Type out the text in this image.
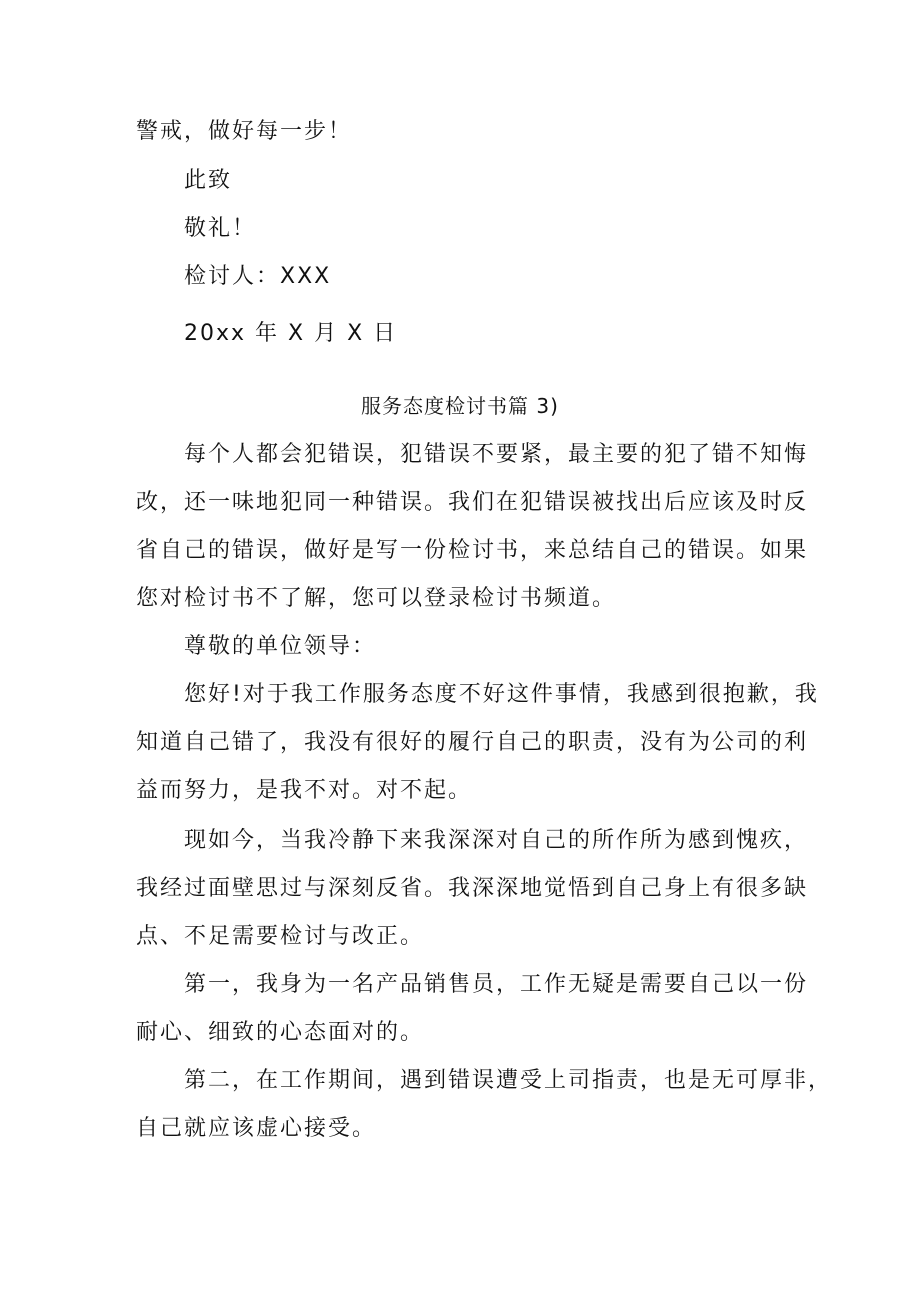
警戒，做好每一步！
此致
敬礼！
检讨人：XXX
20xx 年 X 月 X 日
服务态度检讨书篇 3)
每个人都会犯错误，犯错误不要紧，最主要的犯了错不知悔
改，还一味地犯同一种错误。我们在犯错误被找出后应该及时反
省自己的错误，做好是写一份检讨书，来总结自己的错误。如果
您对检讨书不了解，您可以登录检讨书频道。
尊敬的单位领导：
您好!对于我工作服务态度不好这件事情，我感到很抱歉，我
知道自己错了，我没有很好的履行自己的职责，没有为公司的利
益而努力，是我不对。对不起。
现如今，当我冷静下来我深深对自己的所作所为感到愧疚，
我经过面壁思过与深刻反省。我深深地觉悟到自己身上有很多缺
点、不足需要检讨与改正。
第一，我身为一名产品销售员，工作无疑是需要自己以一份
耐心、细致的心态面对的。
第二，在工作期间，遇到错误遭受上司指责，也是无可厚非，
自己就应该虚心接受。
